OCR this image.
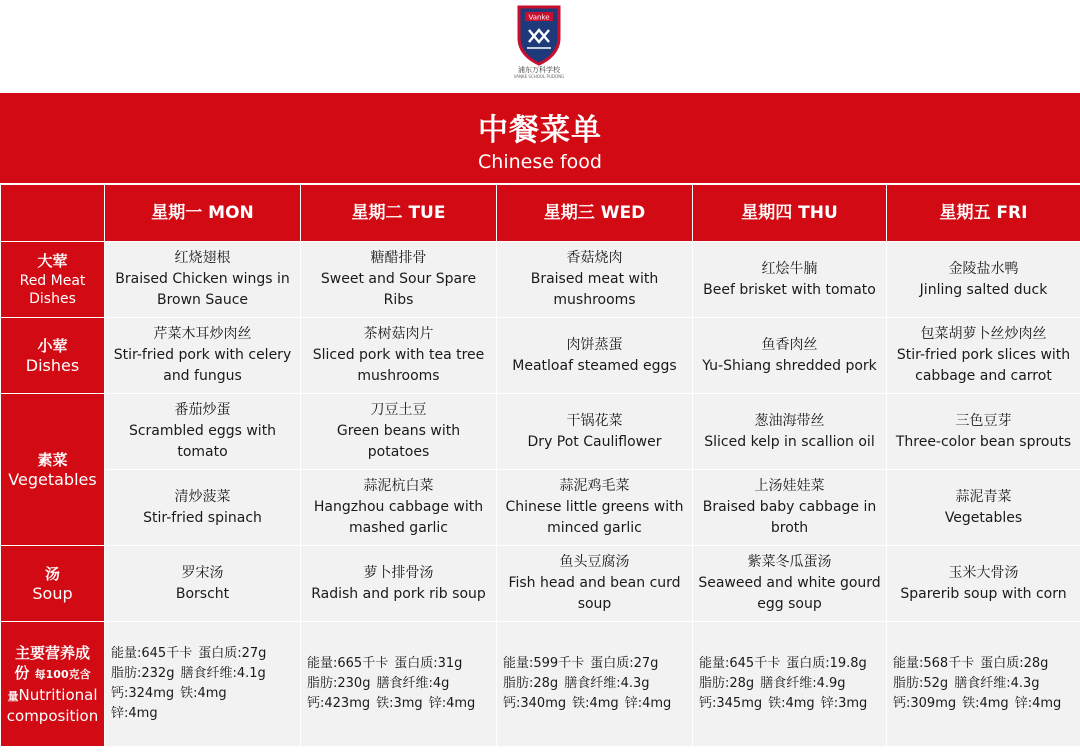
Vanke
浦东万科学校
VANKE SCHOOL PUDONG
中餐菜单
Chinese food
	星期一 MON	星期二 TUE	星期三 WED	星期四 THU	星期五 FRI

大荤
Red Meat
Dishes	红烧翅根
Braised Chicken wings in Brown Sauce	糖醋排骨
Sweet and Sour Spare Ribs	香菇烧肉
Braised meat with mushrooms	红烩牛腩
Beef brisket with tomato	金陵盐水鸭
Jinling salted duck

小荤
Dishes	芹菜木耳炒肉丝
Stir-fried pork with celery and fungus	茶树菇肉片
Sliced pork with tea tree mushrooms	肉饼蒸蛋
Meatloaf steamed eggs	鱼香肉丝
Yu-Shiang shredded pork	包菜胡萝卜丝炒肉丝
Stir-fried pork slices with cabbage and carrot

素菜
Vegetables	番茄炒蛋
Scrambled eggs with tomato	刀豆土豆
Green beans with potatoes	干锅花菜
Dry Pot Cauliflower	葱油海带丝
Sliced kelp in scallion oil	三色豆芽
Three-color bean sprouts

	清炒菠菜
Stir-fried spinach	蒜泥杭白菜
Hangzhou cabbage with mashed garlic	蒜泥鸡毛菜
Chinese little greens with minced garlic	上汤娃娃菜
Braised baby cabbage in broth	蒜泥青菜
Vegetables

汤
Soup	罗宋汤
Borscht	萝卜排骨汤
Radish and pork rib soup	鱼头豆腐汤
Fish head and bean curd soup	紫菜冬瓜蛋汤
Seaweed and white gourd egg soup	玉米大骨汤
Sparerib soup with corn

主要营养成
份 每100克含
量Nutritional
composition	能量:645千卡 蛋白质:27g
脂肪:232g 膳食纤维:4.1g
钙:324mg 铁:4mg
锌:4mg	能量:665千卡 蛋白质:31g
脂肪:230g 膳食纤维:4g
钙:423mg 铁:3mg 锌:4mg	能量:599千卡 蛋白质:27g
脂肪:28g 膳食纤维:4.3g
钙:340mg 铁:4mg 锌:4mg	能量:645千卡 蛋白质:19.8g
脂肪:28g 膳食纤维:4.9g
钙:345mg 铁:4mg 锌:3mg	能量:568千卡 蛋白质:28g
脂肪:52g 膳食纤维:4.3g
钙:309mg 铁:4mg 锌:4mg
